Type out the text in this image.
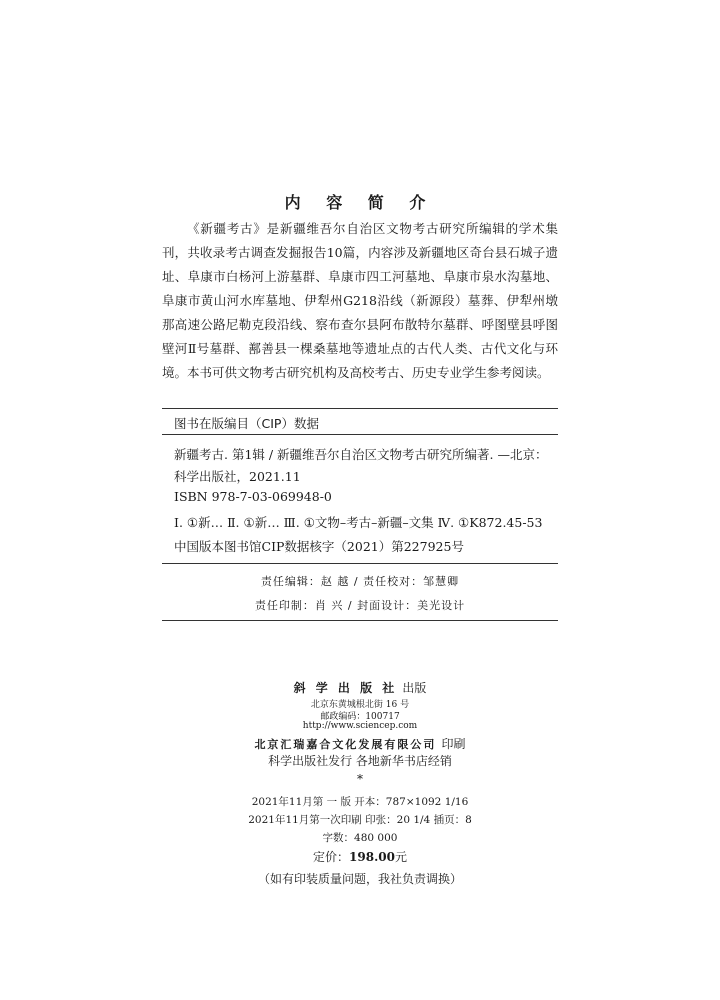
内 容 简 介

《新疆考古》是新疆维吾尔自治区文物考古研究所编辑的学术集刊，共收录考古调查发掘报告10篇，内容涉及新疆地区奇台县石城子遗址、阜康市白杨河上游墓群、阜康市四工河墓地、阜康市泉水沟墓地、阜康市黄山河水库墓地、伊犁州G218沿线（新源段）墓葬、伊犁州墩那高速公路尼勒克段沿线、察布查尔县阿布散特尔墓群、呼图壁县呼图壁河Ⅱ号墓群、鄯善县一棵桑墓地等遗址点的古代人类、古代文化与环境。 本书可供文物考古研究机构及高校考古、历史专业学生参考阅读。

图书在版编目（CIP）数据
新疆考古. 第1辑 / 新疆维吾尔自治区文物考古研究所编著. —北京：
科学出版社，2021.11
ISBN 978-7-03-069948-0
Ⅰ. ①新… Ⅱ. ①新… Ⅲ. ①文物–考古–新疆–文集 Ⅳ. ①K872.45-53
中国版本图书馆CIP数据核字（2021）第227925号
责任编辑：赵 越 / 责任校对：邹慧卿
责任印制：肖 兴 / 封面设计：美光设计
斜 学 出 版 社 出版
北京东黄城根北街 16 号
邮政编码：100717
http://www.sciencep.com
北京汇瑞嘉合文化发展有限公司 印刷
科学出版社发行 各地新华书店经销
*
2021年11月第 一 版 开本：787×1092 1/16
2021年11月第一次印刷 印张：20 1/4 插页：8
字数：480 000
定价：198.00元
（如有印装质量问题，我社负责调换）
